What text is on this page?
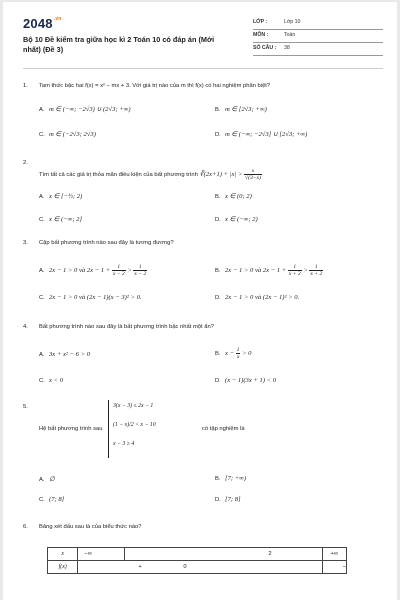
$2048^{.vn}$
Bộ 10 Đề kiểm tra giữa học kì 2 Toán 10 có đáp án (Mới nhất) (Đề 3)
LỚP :	Lớp 10
MÔN :	Toán
SỐ CÂU : 38
1. Tam thức bậc hai f(x) = x² − mx + 3. Với giá trị nào của m thì f(x) có hai nghiệm phân biệt?
A. m ∈ (−∞; −2√3) ∪ (2√3; +∞)	B. m ∈ [2√3; +∞)
C. m ∈ (−2√3; 2√3)	D. m ∈ (−∞; −2√3] ∪ [2√3; +∞)
2.
Tìm tất cả các giá trị thỏa mãn điều kiện của bất phương trình ∛(2x+1) + $|x| > \frac{x}{√(3-x)}$
A. x ∈ [−½; 2)	B. x ∈ (0; 2)
C. x ∈ (−∞; 2]	D. x ∈ (−∞; 2)
3. Cặp bất phương trình nào sau đây là tương đương?
A. 2x − 1 > 0 và $2x - 1 + \frac{1}{x - 2} > \frac{1}{x - 2}$	B. 2x − 1 > 0 và $2x - 1 + \frac{1}{x + 2} > \frac{1}{x + 2}$
C. 2x − 1 > 0 và (2x − 1)(x − 3)² > 0.	D. 2x − 1 > 0 và (2x − 1)² > 0.
4. Bất phương trình nào sau đây là bất phương trình bậc nhất một ẩn?
A. 3x + x² − 6 > 0	B. $x - \frac{1}{x} > 0$
C. x < 0	D. (x − 1)(3x + 1) < 0
5.
Hệ bất phương trình sau
3(x − 3) ≤ 2x − 1
(1 − x)/2 < x − 10
x − 3 ≥ 4
có tập nghiệm là
A. ∅	B. [7; +∞)
C. (7; 8]	D. [7; 8]
6. Bảng xét dấu sau là của biểu thức nào?
x	−∞	2	+∞
f(x)	+ 0		−
